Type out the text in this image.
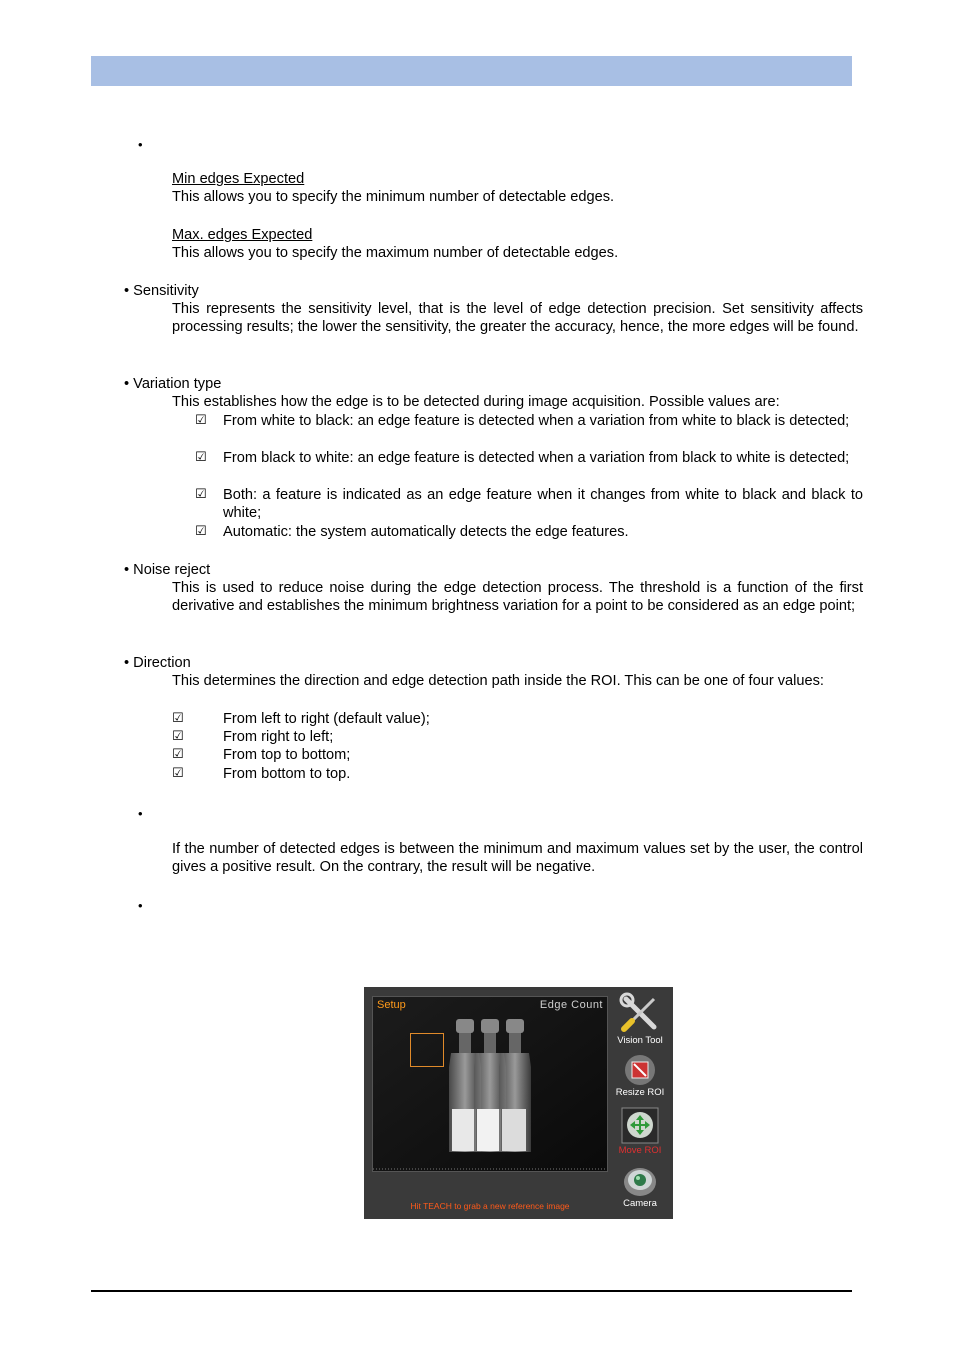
•
Min edges Expected
This allows you to specify the minimum number of detectable edges.
Max. edges Expected
This allows you to specify the maximum number of detectable edges.
• Sensitivity
This represents the sensitivity level, that is the level of edge detection precision. Set sensitivity affects processing results; the lower the sensitivity, the greater the accuracy, hence, the more edges will be found.
• Variation type
This establishes how the edge is to be detected during image acquisition. Possible values are:
☑ From white to black: an edge feature is detected when a variation from white to black is detected;
☑ From black to white: an edge feature is detected when a variation from black to white is detected;
☑ Both: a feature is indicated as an edge feature when it changes from white to black and black to white;
☑ Automatic: the system automatically detects the edge features.
• Noise reject
This is used to reduce noise during the edge detection process. The threshold is a function of the first derivative and establishes the minimum brightness variation for a point to be considered as an edge point;
• Direction
This determines the direction and edge detection path inside the ROI. This can be one of four values:
☑	From left to right (default value);
☑	From right to left;
☑	From top to bottom;
☑	From bottom to top.
•
If the number of detected edges is between the minimum and maximum values set by the user, the control gives a positive result. On the contrary, the result will be negative.
•
Setup	Edge Count
Hit TEACH to grab a new reference image
Vision Tool
Resize ROI
Move ROI
Camera
